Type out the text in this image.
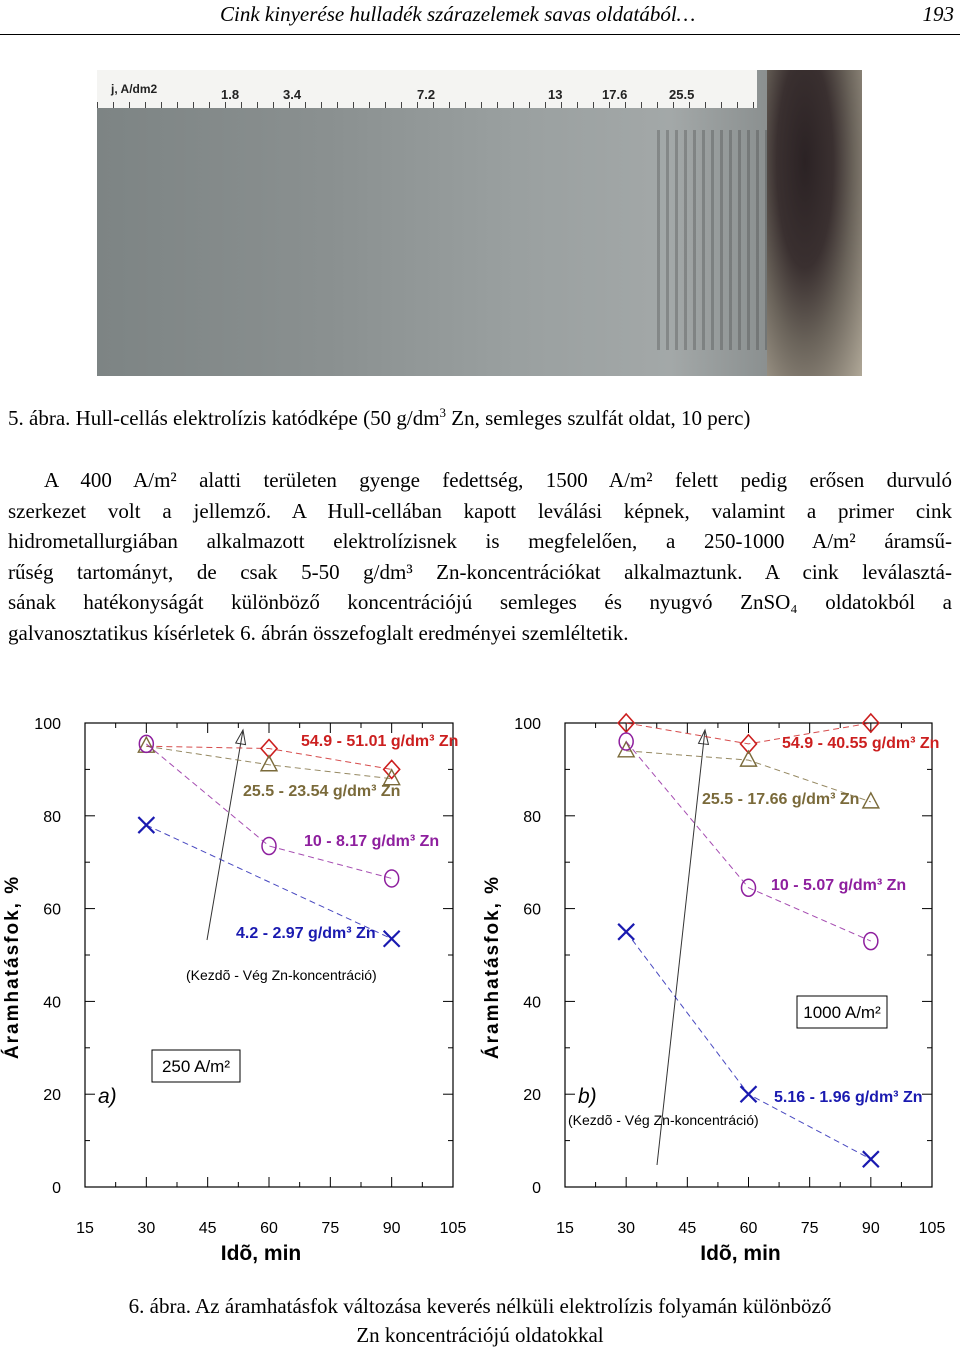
Cink kinyerése hulladék szárazelemek savas oldatából…	193
j, A/dm2	1.8	3.4	7.2	13	17.6	25.5
5. ábra. Hull-cellás elektrolízis katódképe (50 $g/dm^3$ Zn, semleges szulfát oldat, 10 perc)
A 400 A/m² alatti területen gyenge fedettség, 1500 A/m² felett pedig erősen durvuló
szerkezet volt a jellemző. A Hull-cellában kapott leválási képnek, valamint a primer cink
hidrometallurgiában alkalmazott elektrolízisnek is megfelelően, a 250-1000 A/m² áramsű-
rűség tartományt, de csak 5-50 g/dm³ Zn-koncentrációkat alkalmaztunk. A cink leválasztá-
sának hatékonyságát különböző koncentrációjú semleges és nyugvó ZnSO₄ oldatokból a
galvanosztatikus kísérletek 6. ábrán összefoglalt eredményei szemléltetik.
0
20
40
60
80
100
15	30	45	60	75	90 105
Idõ, min
Áramhatásfok, %
a)
250 A/m²
(Kezdõ - Vég Zn-koncentráció)
54.9 - 51.01 g/dm³ Zn
25.5 - 23.54 g/dm³ Zn
10 - 8.17 g/dm³ Zn
4.2 - 2.97 g/dm³ Zn
0
20
40
60
80
100
15	30	45	60	75	90 105
Idõ, min
Áramhatásfok, %
b)
1000 A/m²
(Kezdõ - Vég Zn-koncentráció)
54.9 - 40.55 g/dm³ Zn
25.5 - 17.66 g/dm³ Zn
10 - 5.07 g/dm³ Zn
5.16 - 1.96 g/dm³ Zn
6. ábra. Az áramhatásfok változása keverés nélküli elektrolízis folyamán különböző
Zn koncentrációjú oldatokkal
